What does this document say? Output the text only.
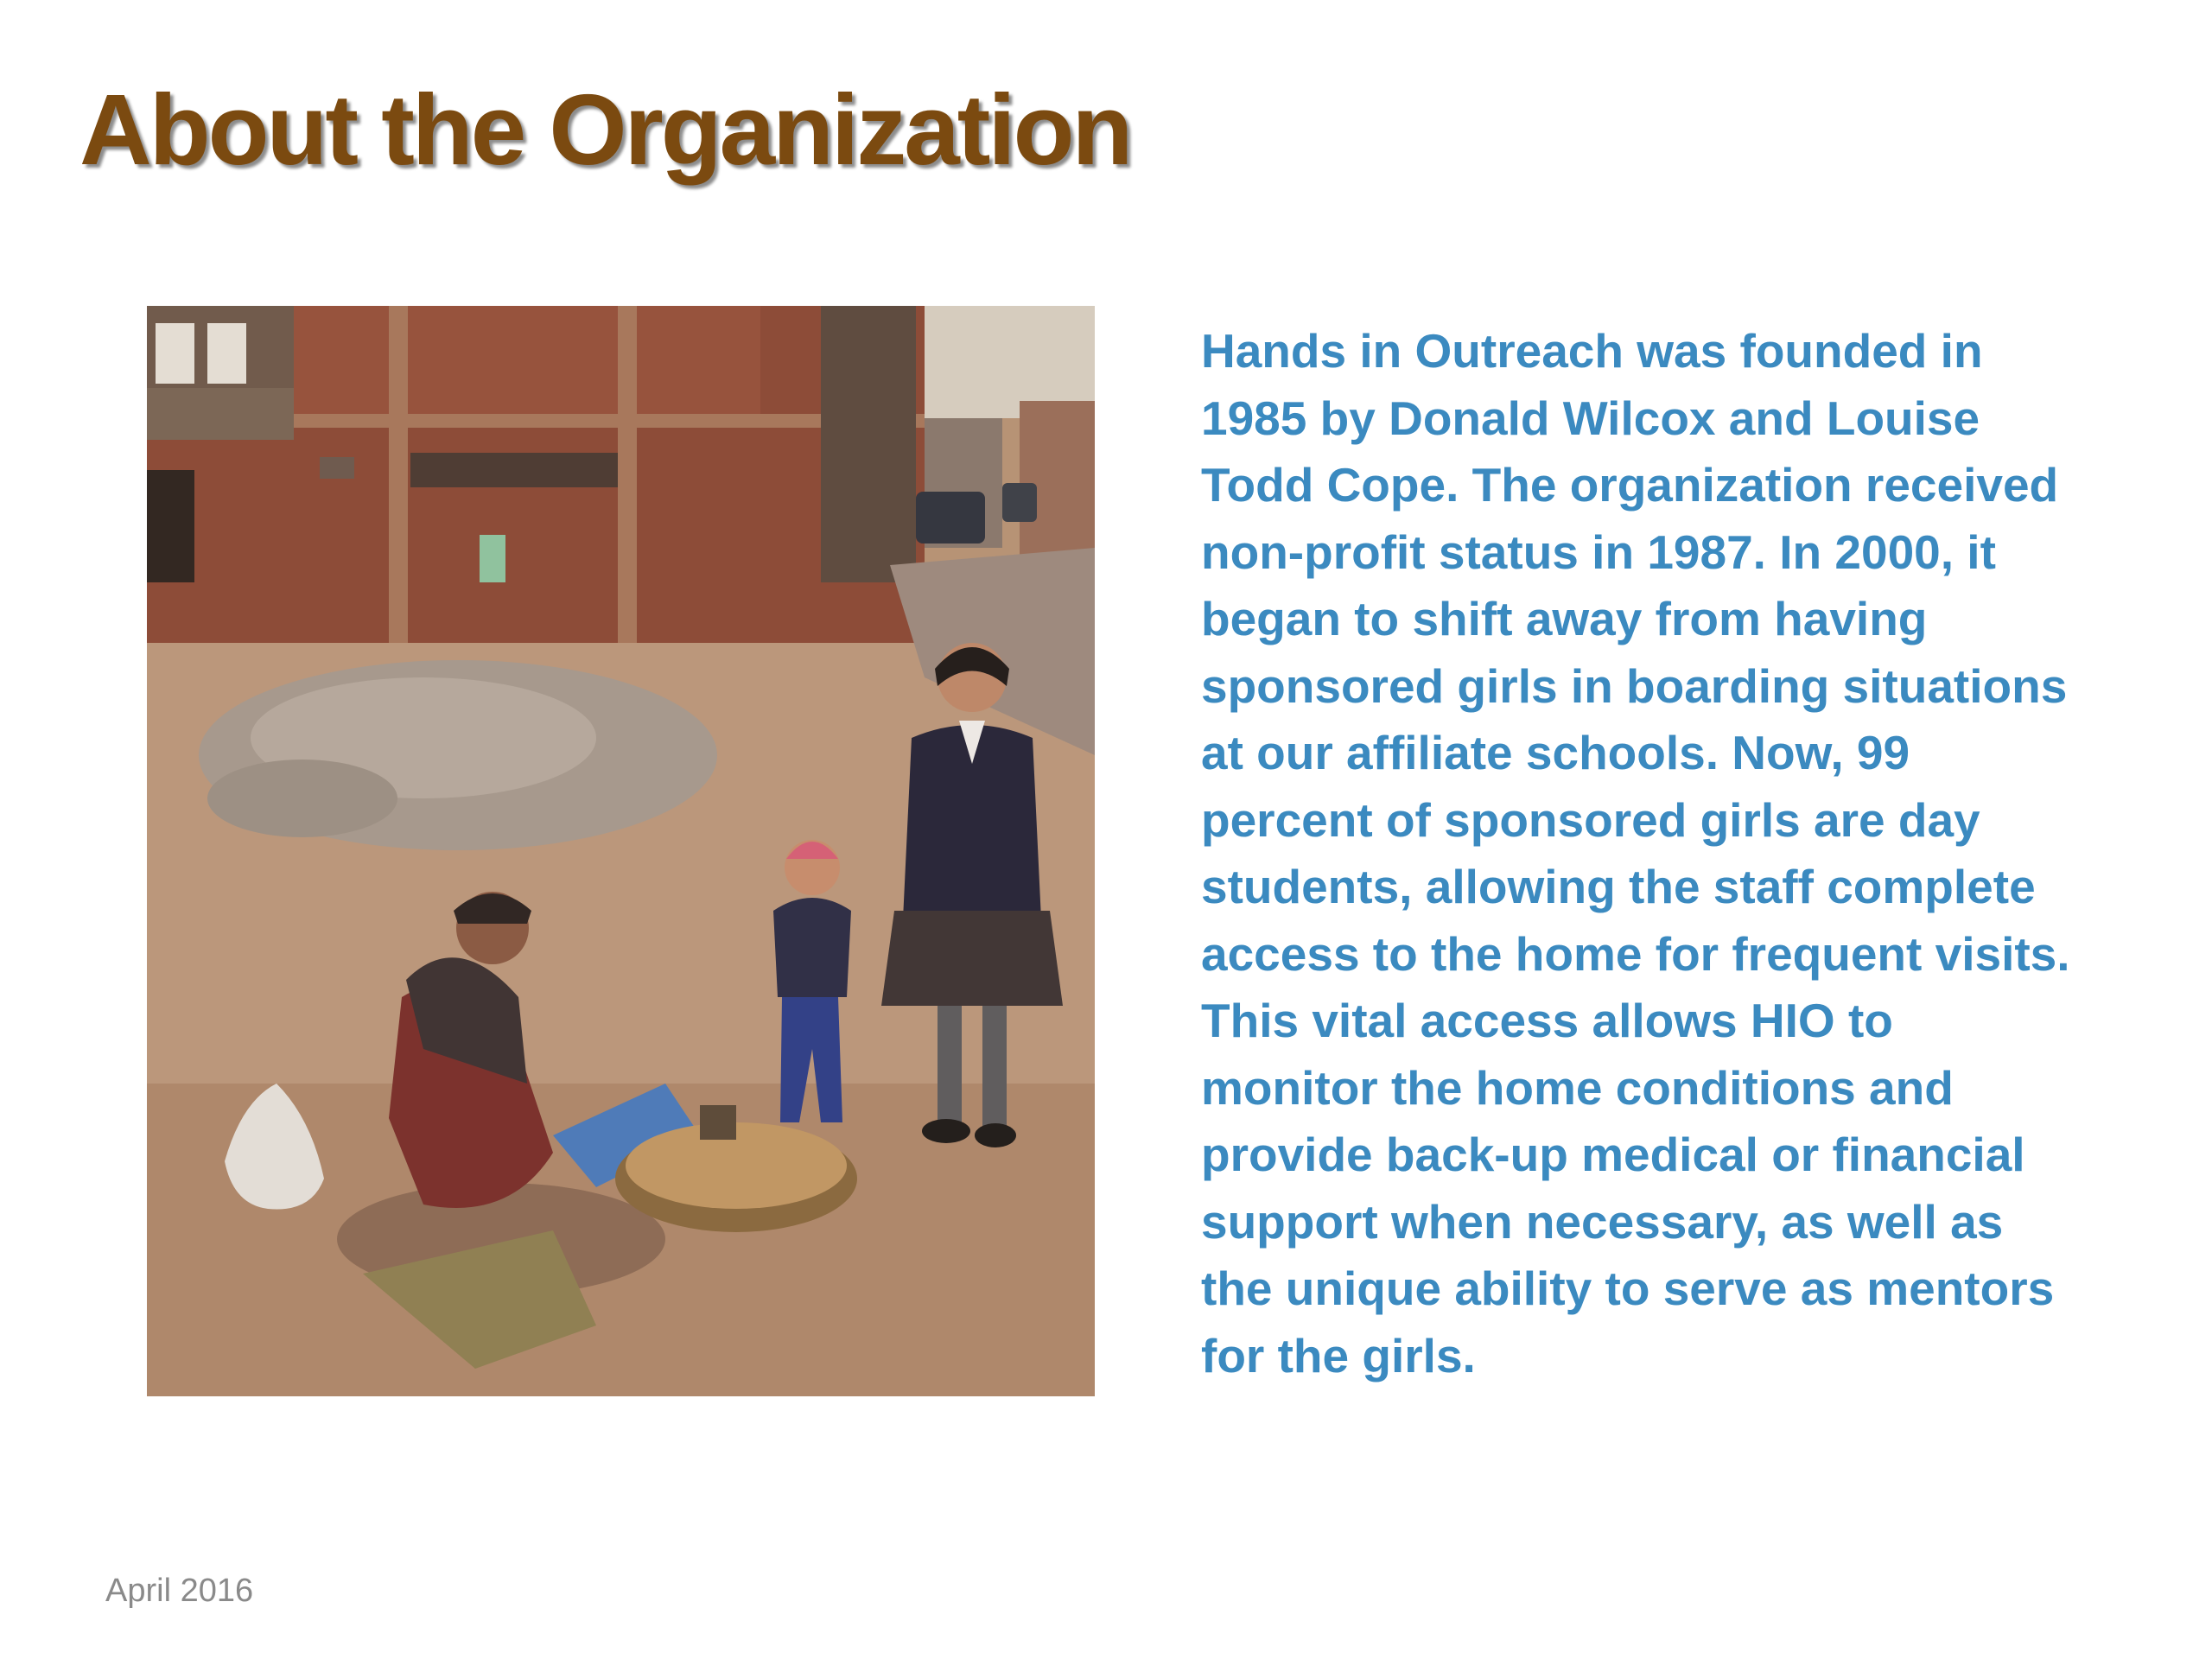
About the Organization

Hands in Outreach was founded in 1985 by Donald Wilcox and Louise Todd Cope. The organization received non-profit status in 1987. In 2000, it began to shift away from having sponsored girls in boarding situations at our affiliate schools. Now, 99 percent of sponsored girls are day students, allowing the staff complete access to the home for frequent visits. This vital access allows HIO to monitor the home conditions and provide back-up medical or financial support when necessary, as well as the unique ability to serve as mentors for the girls.

April 2016
